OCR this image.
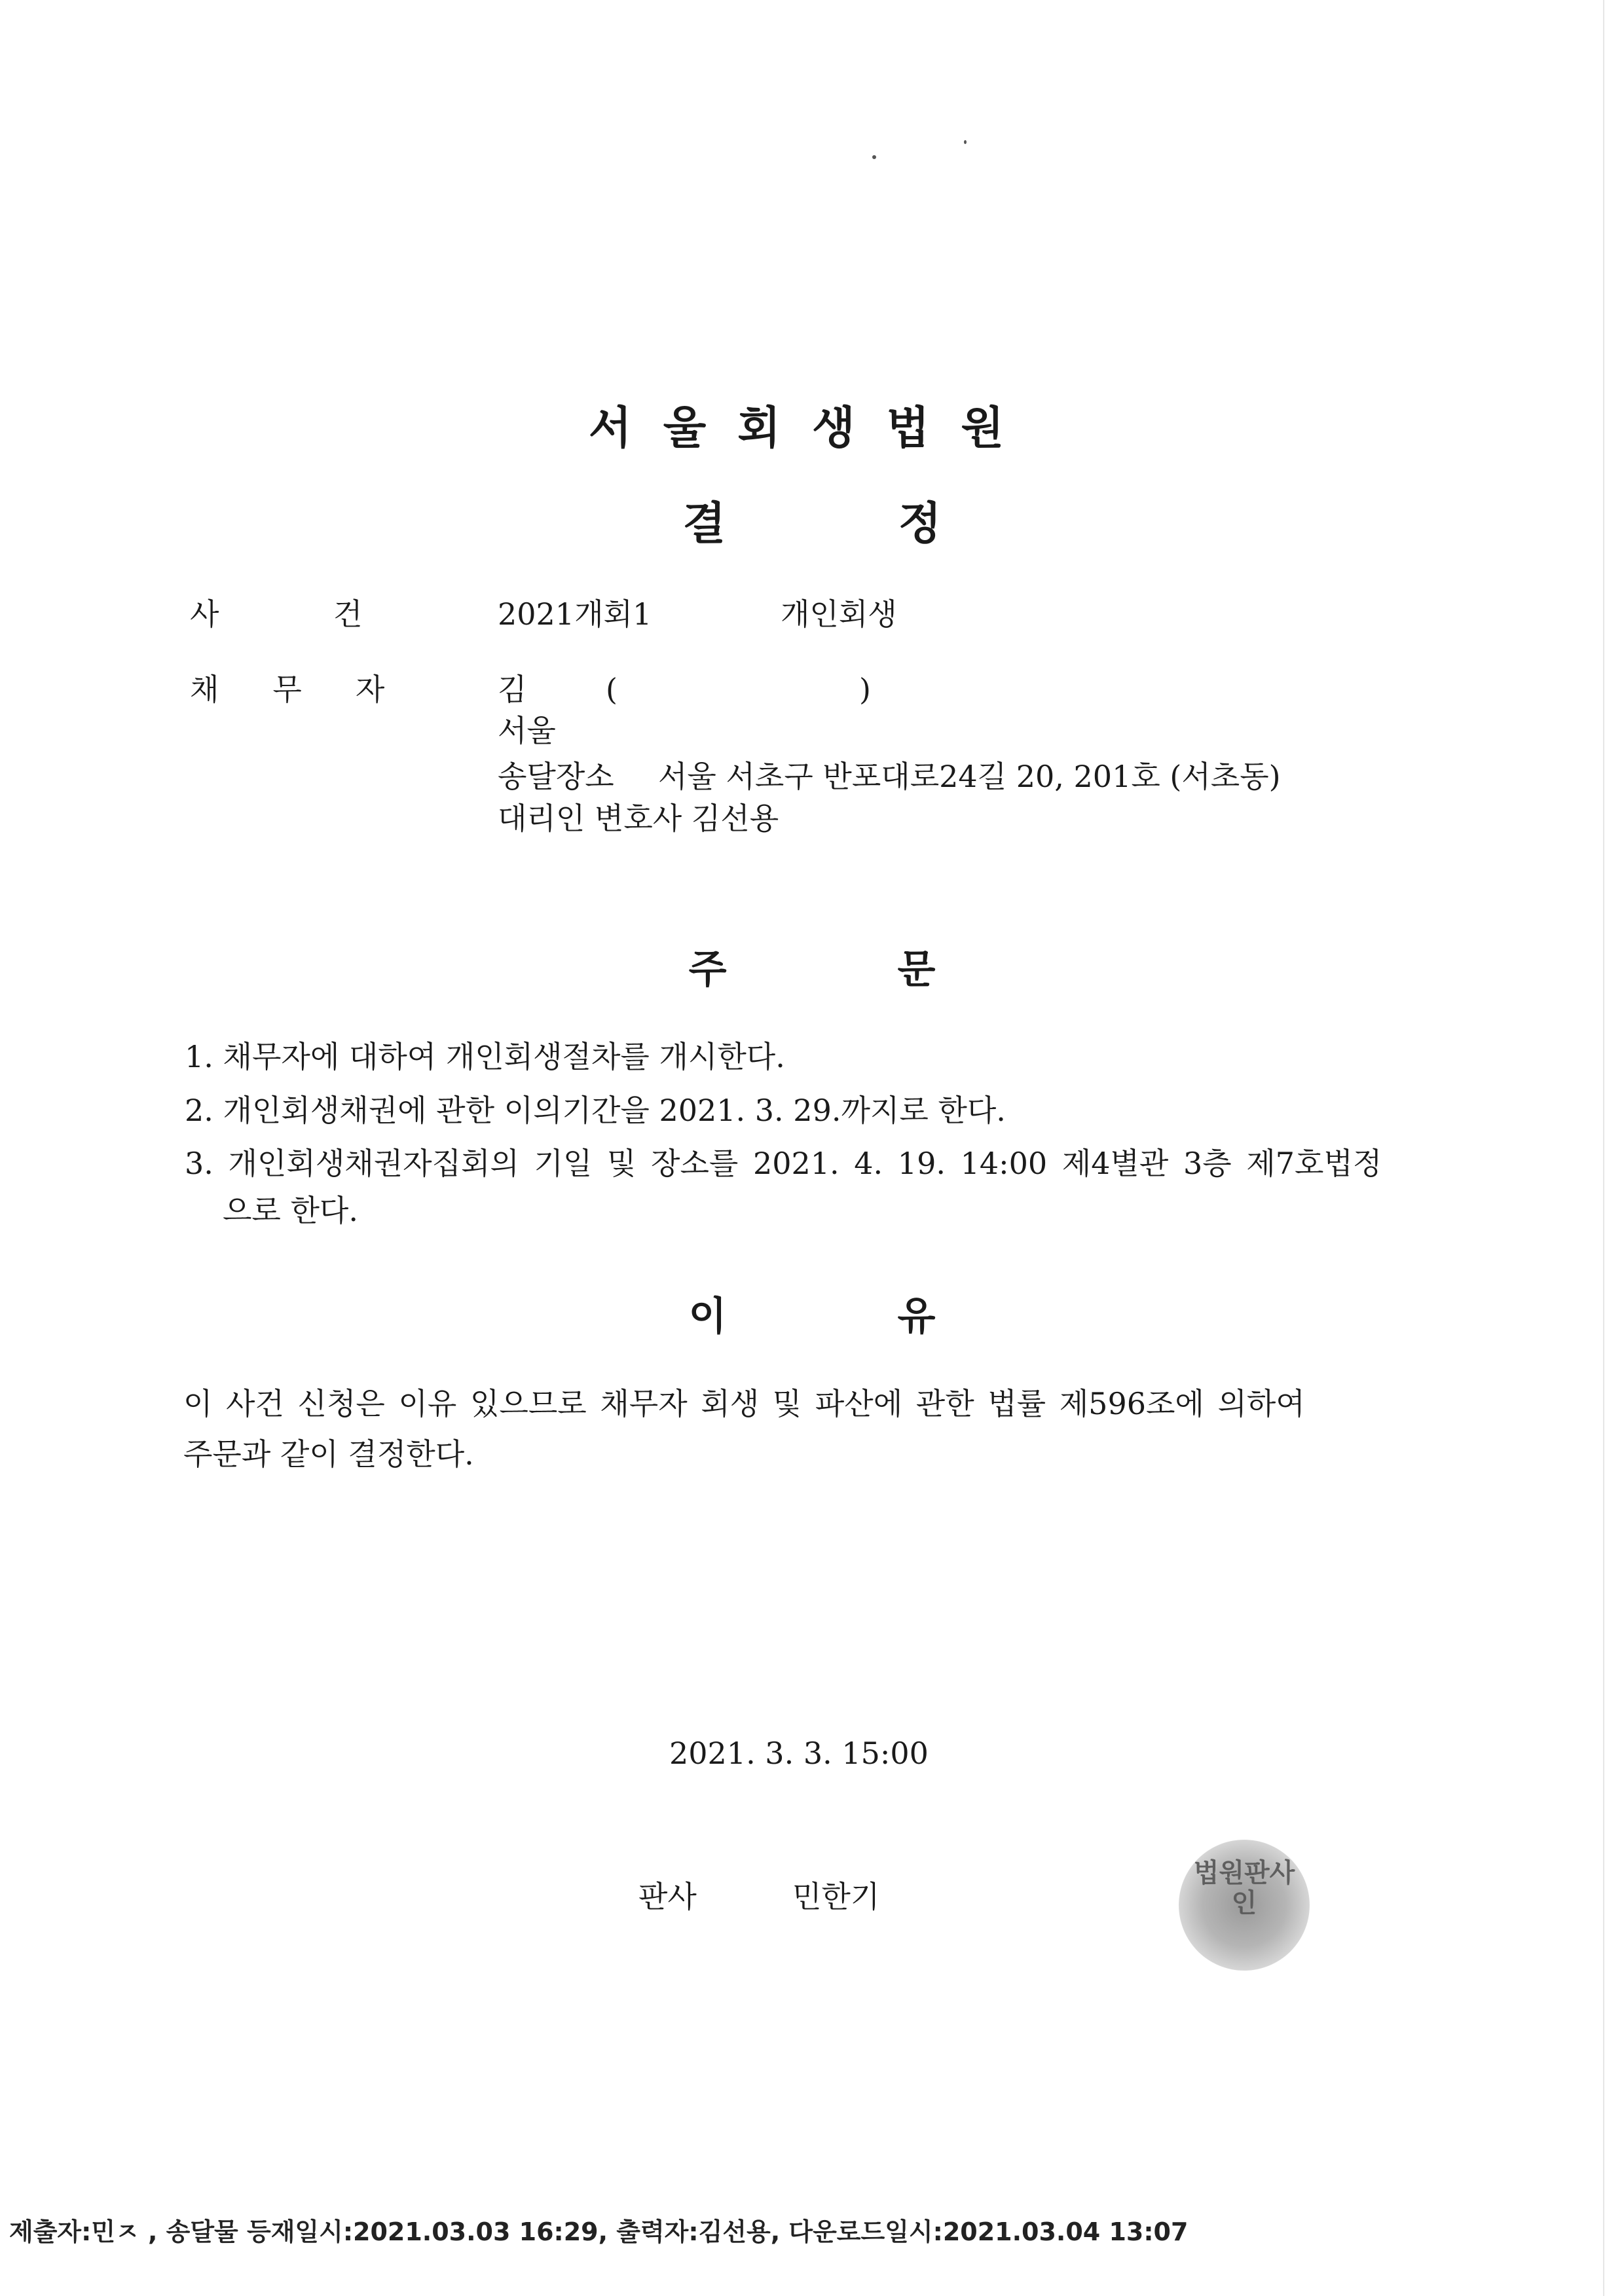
서울회생법원
결 정
사 건	2021개회1	개인회생
채무자 김	(	)
서울
송달장소 서울 서초구 반포대로24길 20, 201호 (서초동)
대리인 변호사 김선용
주 문
1. 채무자에 대하여 개인회생절차를 개시한다.
2. 개인회생채권에 관한 이의기간을 2021. 3. 29.까지로 한다.
3. 개인회생채권자집회의 기일 및 장소를 2021. 4. 19. 14:00 제4별관 3층 제7호법정
으로 한다.
이 유
이 사건 신청은 이유 있으므로 채무자 회생 및 파산에 관한 법률 제596조에 의하여
주문과 같이 결정한다.
2021. 3. 3. 15:00
판사	민한기
법원판사인
제출자:민ㅈ , 송달물 등재일시:2021.03.03 16:29, 출력자:김선용, 다운로드일시:2021.03.04 13:07
